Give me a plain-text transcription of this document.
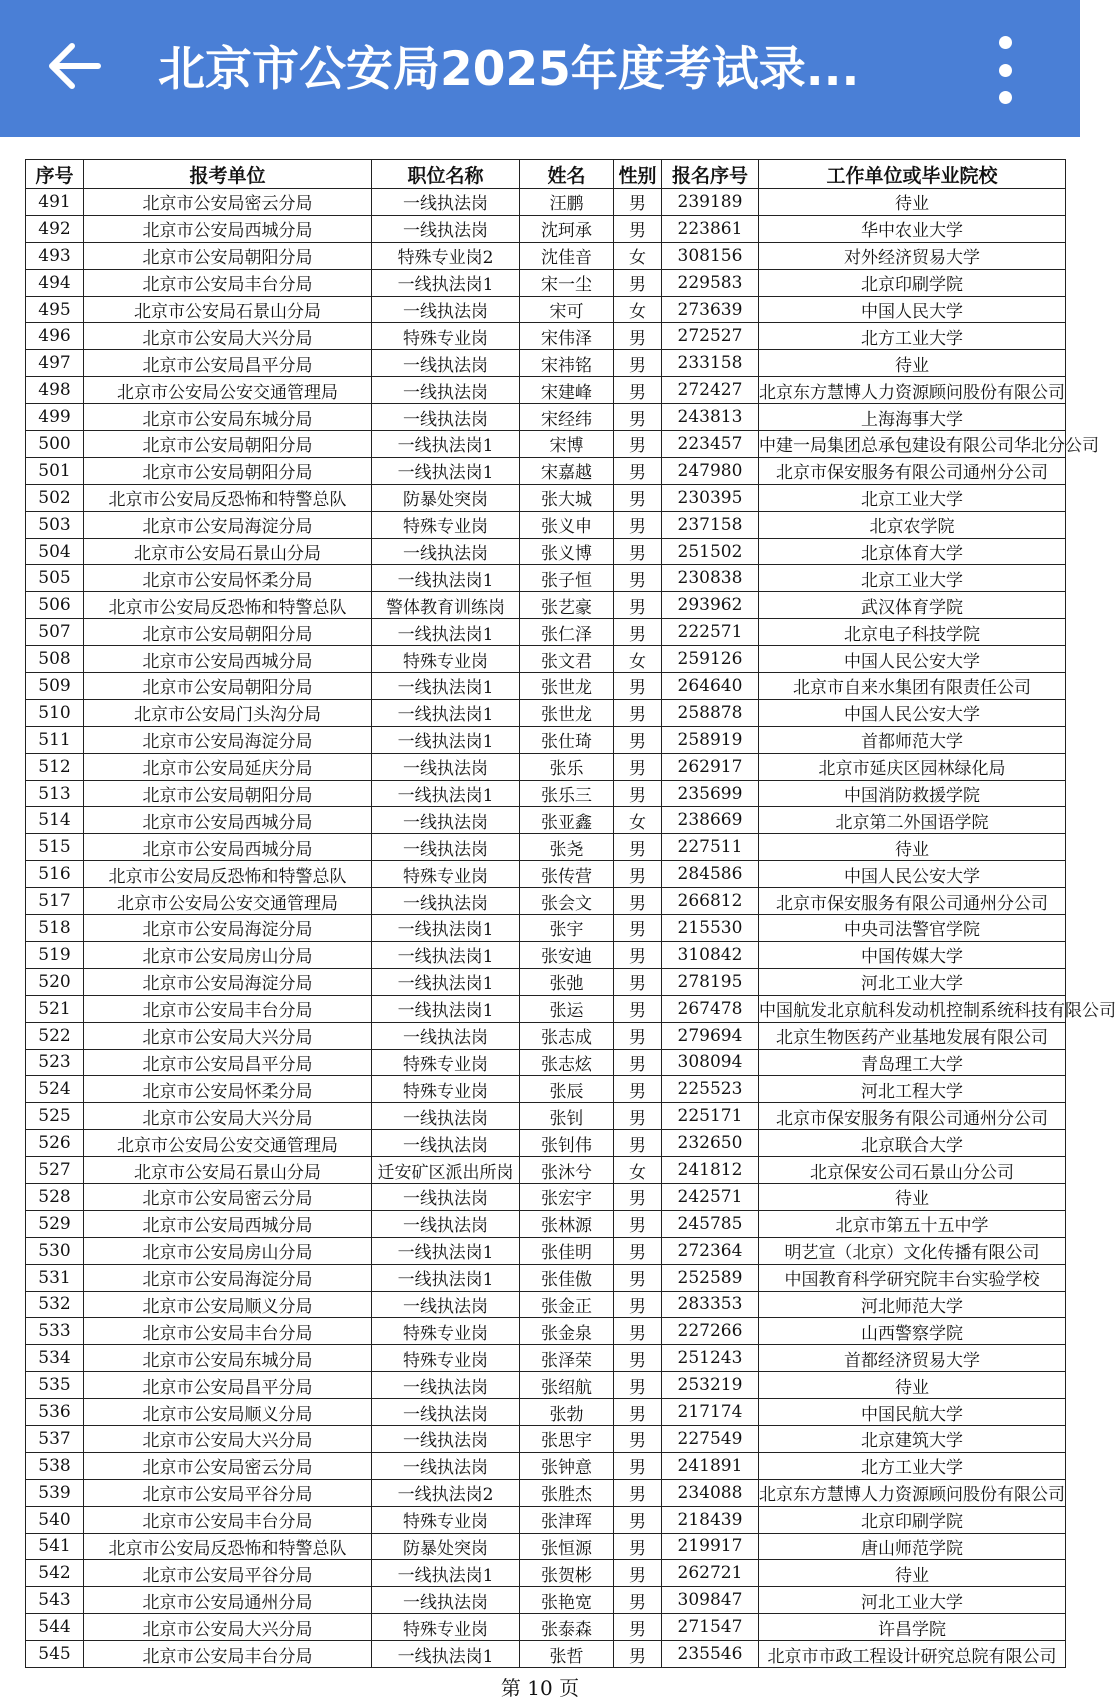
北京市公安局2025年度考试录...
序号	报考单位	职位名称	姓名	性别	报名序号	工作单位或毕业院校
491	北京市公安局密云分局	一线执法岗	汪鹏	男	239189	待业
492	北京市公安局西城分局	一线执法岗	沈珂承	男	223861	华中农业大学
493	北京市公安局朝阳分局	特殊专业岗2	沈佳音	女	308156	对外经济贸易大学
494	北京市公安局丰台分局	一线执法岗1	宋一尘	男	229583	北京印刷学院
495	北京市公安局石景山分局	一线执法岗	宋可	女	273639	中国人民大学
496	北京市公安局大兴分局	特殊专业岗	宋伟泽	男	272527	北方工业大学
497	北京市公安局昌平分局	一线执法岗	宋祎铭	男	233158	待业
498	北京市公安局公安交通管理局	一线执法岗	宋建峰	男	272427	北京东方慧博人力资源顾问股份有限公司
499	北京市公安局东城分局	一线执法岗	宋经纬	男	243813	上海海事大学
500	北京市公安局朝阳分局	一线执法岗1	宋博	男	223457	中建一局集团总承包建设有限公司华北分公司
501	北京市公安局朝阳分局	一线执法岗1	宋嘉越	男	247980	北京市保安服务有限公司通州分公司
502	北京市公安局反恐怖和特警总队	防暴处突岗	张大城	男	230395	北京工业大学
503	北京市公安局海淀分局	特殊专业岗	张义申	男	237158	北京农学院
504	北京市公安局石景山分局	一线执法岗	张义博	男	251502	北京体育大学
505	北京市公安局怀柔分局	一线执法岗1	张子恒	男	230838	北京工业大学
506	北京市公安局反恐怖和特警总队	警体教育训练岗	张艺豪	男	293962	武汉体育学院
507	北京市公安局朝阳分局	一线执法岗1	张仁泽	男	222571	北京电子科技学院
508	北京市公安局西城分局	特殊专业岗	张文君	女	259126	中国人民公安大学
509	北京市公安局朝阳分局	一线执法岗1	张世龙	男	264640	北京市自来水集团有限责任公司
510	北京市公安局门头沟分局	一线执法岗1	张世龙	男	258878	中国人民公安大学
511	北京市公安局海淀分局	一线执法岗1	张仕琦	男	258919	首都师范大学
512	北京市公安局延庆分局	一线执法岗	张乐	男	262917	北京市延庆区园林绿化局
513	北京市公安局朝阳分局	一线执法岗1	张乐三	男	235699	中国消防救援学院
514	北京市公安局西城分局	一线执法岗	张亚鑫	女	238669	北京第二外国语学院
515	北京市公安局西城分局	一线执法岗	张尧	男	227511	待业
516	北京市公安局反恐怖和特警总队	特殊专业岗	张传营	男	284586	中国人民公安大学
517	北京市公安局公安交通管理局	一线执法岗	张会文	男	266812	北京市保安服务有限公司通州分公司
518	北京市公安局海淀分局	一线执法岗1	张宇	男	215530	中央司法警官学院
519	北京市公安局房山分局	一线执法岗1	张安迪	男	310842	中国传媒大学
520	北京市公安局海淀分局	一线执法岗1	张弛	男	278195	河北工业大学
521	北京市公安局丰台分局	一线执法岗1	张运	男	267478	中国航发北京航科发动机控制系统科技有限公司
522	北京市公安局大兴分局	一线执法岗	张志成	男	279694	北京生物医药产业基地发展有限公司
523	北京市公安局昌平分局	特殊专业岗	张志炫	男	308094	青岛理工大学
524	北京市公安局怀柔分局	特殊专业岗	张辰	男	225523	河北工程大学
525	北京市公安局大兴分局	一线执法岗	张钊	男	225171	北京市保安服务有限公司通州分公司
526	北京市公安局公安交通管理局	一线执法岗	张钊伟	男	232650	北京联合大学
527	北京市公安局石景山分局	迁安矿区派出所岗	张沐兮	女	241812	北京保安公司石景山分公司
528	北京市公安局密云分局	一线执法岗	张宏宇	男	242571	待业
529	北京市公安局西城分局	一线执法岗	张林源	男	245785	北京市第五十五中学
530	北京市公安局房山分局	一线执法岗1	张佳明	男	272364	明艺宣（北京）文化传播有限公司
531	北京市公安局海淀分局	一线执法岗1	张佳傲	男	252589	中国教育科学研究院丰台实验学校
532	北京市公安局顺义分局	一线执法岗	张金正	男	283353	河北师范大学
533	北京市公安局丰台分局	特殊专业岗	张金泉	男	227266	山西警察学院
534	北京市公安局东城分局	特殊专业岗	张泽荣	男	251243	首都经济贸易大学
535	北京市公安局昌平分局	一线执法岗	张绍航	男	253219	待业
536	北京市公安局顺义分局	一线执法岗	张勃	男	217174	中国民航大学
537	北京市公安局大兴分局	一线执法岗	张思宇	男	227549	北京建筑大学
538	北京市公安局密云分局	一线执法岗	张钟意	男	241891	北方工业大学
539	北京市公安局平谷分局	一线执法岗2	张胜杰	男	234088	北京东方慧博人力资源顾问股份有限公司
540	北京市公安局丰台分局	特殊专业岗	张津珲	男	218439	北京印刷学院
541	北京市公安局反恐怖和特警总队	防暴处突岗	张恒源	男	219917	唐山师范学院
542	北京市公安局平谷分局	一线执法岗1	张贺彬	男	262721	待业
543	北京市公安局通州分局	一线执法岗	张艳宽	男	309847	河北工业大学
544	北京市公安局大兴分局	特殊专业岗	张泰森	男	271547	许昌学院
545	北京市公安局丰台分局	一线执法岗1	张哲	男	235546	北京市市政工程设计研究总院有限公司
第 10 页
